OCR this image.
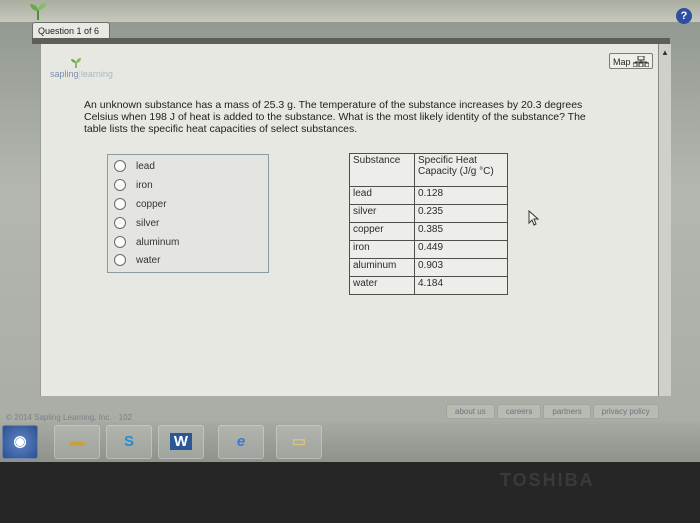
?
Question 1 of 6
▲
sapling|learning
Map
An unknown substance has a mass of 25.3 g. The temperature of the substance increases by 20.3 degrees Celsius when 198 J of heat is added to the substance. What is the most likely identity of the substance? The table lists the specific heat capacities of select substances.
lead
iron
copper
silver
aluminum
water
Substance	Specific Heat Capacity (J/g °C)
lead	0.128
silver	0.235
copper	0.385
iron	0.449
aluminum	0.903
water	4.184
© 2014 Sapling Learning, Inc. · 102
about us	careers	partners	privacy policy
◉	▬	S	W	e	▭
TOSHIBA
